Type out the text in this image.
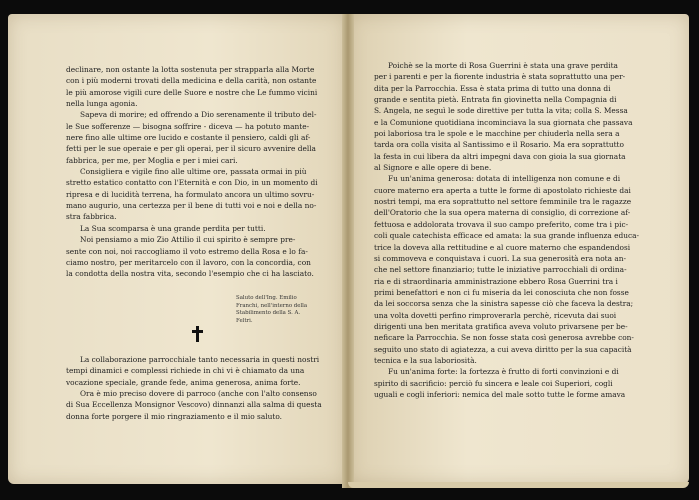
declinare, non ostante la lotta sostenuta per strapparla alla Morte
con i più moderni trovati della medicina e della carità, non ostante
le più amorose vigili cure delle Suore e nostre che Le fummo vicini
nella lunga agonia.
Sapeva di morire; ed offrendo a Dio serenamente il tributo del-
le Sue sofferenze — bisogna soffrire - diceva — ha potuto mante-
nere fino alle ultime ore lucido e costante il pensiero, caldi gli af-
fetti per le sue operaie e per gli operai, per il sicuro avvenire della
fabbrica, per me, per Moglia e per i miei cari.
Consigliera e vigile fino alle ultime ore, passata ormai in più
stretto estatico contatto con l'Eternità e con Dio, in un momento di
ripresa e di lucidità terrena, ha formulato ancora un ultimo sovru-
mano augurio, una certezza per il bene di tutti voi e noi e della no-
stra fabbrica.
La Sua scomparsa è una grande perdita per tutti.
Noi pensiamo a mio Zio Attilio il cui spirito è sempre pre-
sente con noi, noi raccogliamo il voto estremo della Rosa e lo fa-
ciamo nostro, per meritarcelo con il lavoro, con la concordia, con
la condotta della nostra vita, secondo l'esempio che ci ha lasciato.
Saluto dell'Ing. Emilio
Franchi, nell'interno della
Stabilimento della S. A.
Feltri.
La collaborazione parrocchiale tanto necessaria in questi nostri
tempi dinamici e complessi richiede in chi vi è chiamato da una
vocazione speciale, grande fede, anima generosa, anima forte.
Ora è mio preciso dovere di parroco (anche con l'alto consenso
di Sua Eccellenza Monsignor Vescovo) dinnanzi alla salma di questa
donna forte porgere il mio ringraziamento e il mio saluto.
Poichè se la morte di Rosa Guerrini è stata una grave perdita
per i parenti e per la fiorente industria è stata soprattutto una per-
dita per la Parrocchia. Essa è stata prima di tutto una donna di
grande e sentita pietà. Entrata fin giovinetta nella Compagnia di
S. Angela, ne seguì le sode direttive per tutta la vita; colla S. Messa
e la Comunione quotidiana incominciava la sua giornata che passava
poi laboriosa tra le spole e le macchine per chiuderla nella sera a
tarda ora colla visita al Santissimo e il Rosario. Ma era soprattutto
la festa in cui libera da altri impegni dava con gioia la sua giornata
al Signore e alle opere di bene.
Fu un'anima generosa: dotata di intelligenza non comune e di
cuore materno era aperta a tutte le forme di apostolato richieste dai
nostri tempi, ma era soprattutto nel settore femminile tra le ragazze
dell'Oratorio che la sua opera materna di consiglio, di correzione af-
fettuosa e addolorata trovava il suo campo preferito, come tra i pic-
coli quale catechista efficace ed amata: la sua grande influenza educa-
trice la doveva alla rettitudine e al cuore materno che espandendosi
si commoveva e conquistava i cuori. La sua generosità era nota an-
che nel settore finanziario; tutte le iniziative parrocchiali di ordina-
ria e di straordinaria amministrazione ebbero Rosa Guerrini tra i
primi benefattori e non ci fu miseria da lei conosciuta che non fosse
da lei soccorsa senza che la sinistra sapesse ciò che faceva la destra;
una volta dovetti perfino rimproverarla perchè, ricevuta dai suoi
dirigenti una ben meritata gratifica aveva voluto privarsene per be-
neficare la Parrocchia. Se non fosse stata così generosa avrebbe con-
seguito uno stato di agiatezza, a cui aveva diritto per la sua capacità
tecnica e la sua laboriosità.
Fu un'anima forte: la fortezza è frutto di forti convinzioni e di
spirito di sacrificio: perciò fu sincera e leale coi Superiori, cogli
uguali e cogli inferiori: nemica del male sotto tutte le forme amava
